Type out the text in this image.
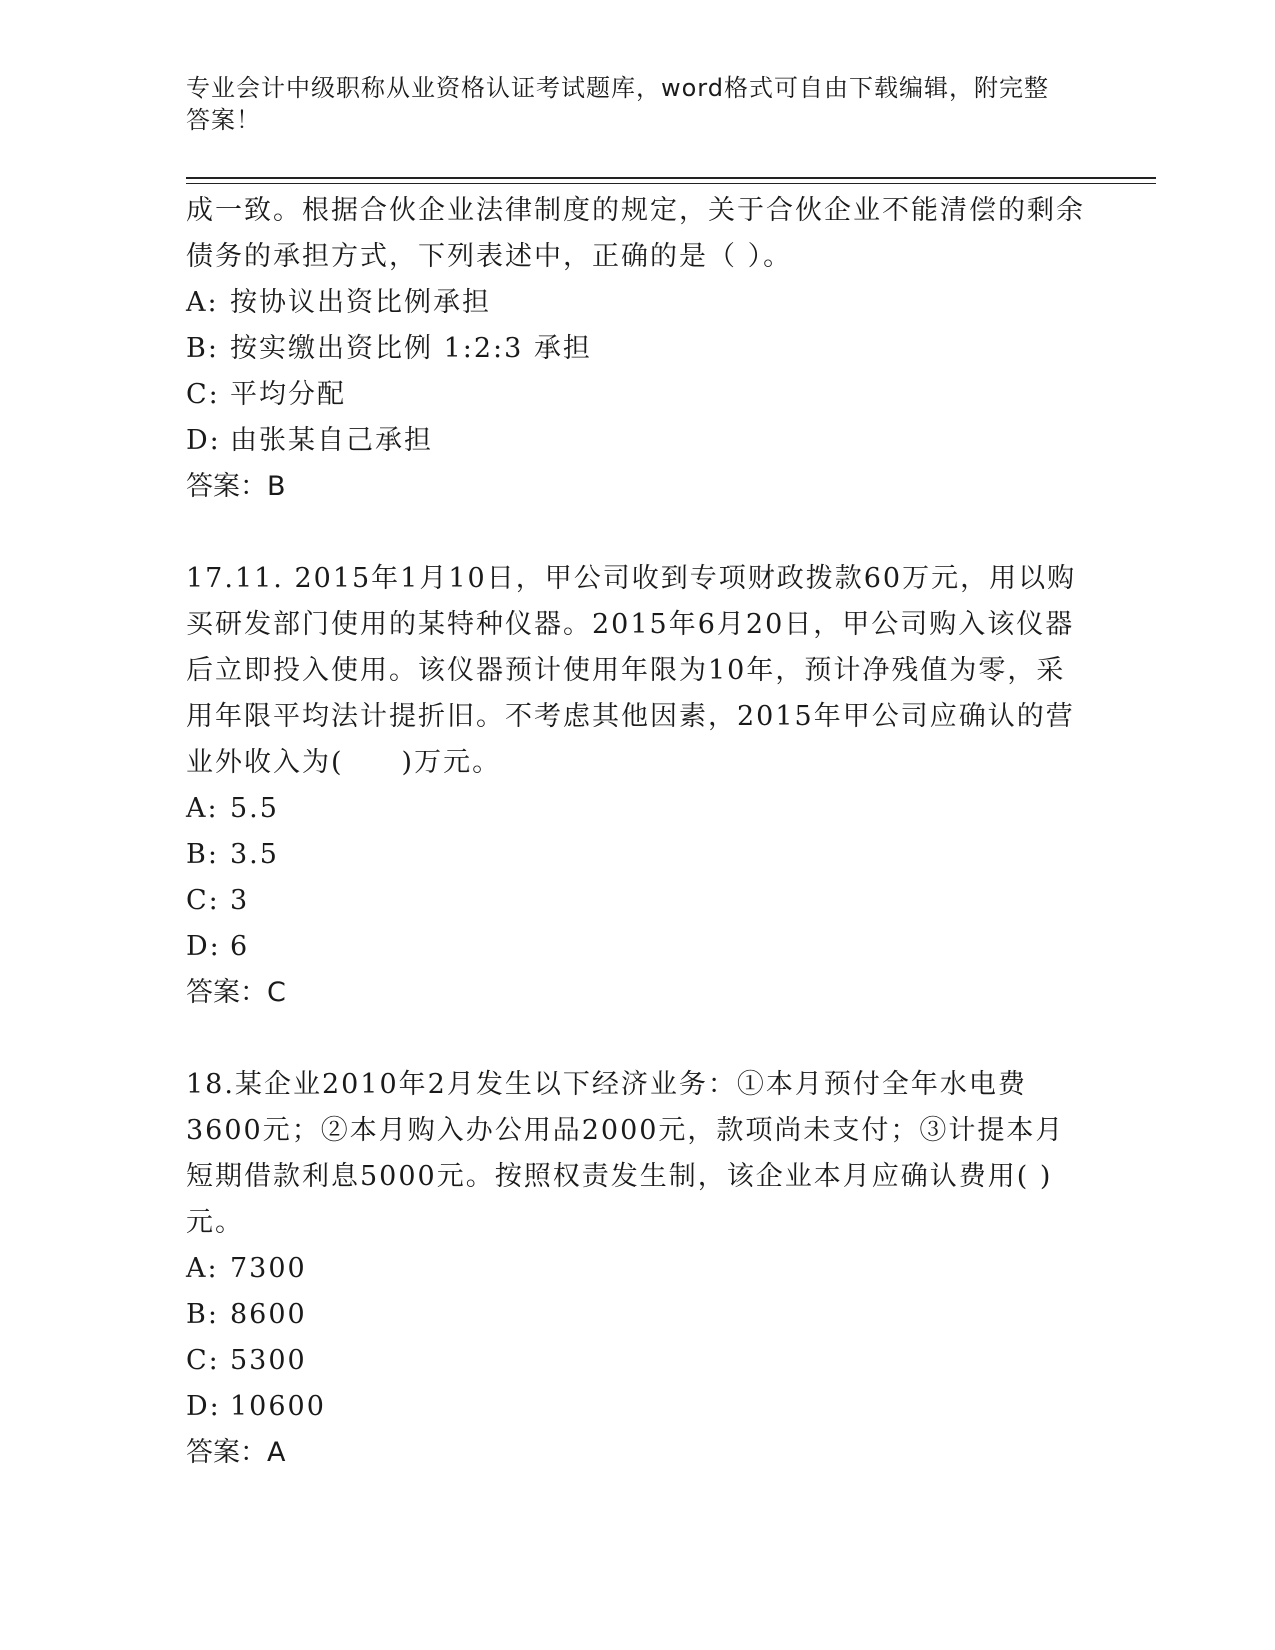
专业会计中级职称从业资格认证考试题库，word格式可自由下载编辑，附完整答案！

成一致。根据合伙企业法律制度的规定，关于合伙企业不能清偿的剩余债务的承担方式，下列表述中，正确的是（ ）。

A: 按协议出资比例承担

B: 按实缴出资比例 1:2:3 承担

C: 平均分配

D: 由张某自己承担

答案：B

17.11. 2015年1月10日，甲公司收到专项财政拨款60万元，用以购买研发部门使用的某特种仪器。2015年6月20日，甲公司购入该仪器后立即投入使用。该仪器预计使用年限为10年，预计净残值为零，采用年限平均法计提折旧。不考虑其他因素，2015年甲公司应确认的营业外收入为(　　)万元。

A: 5.5

B: 3.5

C: 3

D: 6

答案：C

18.某企业2010年2月发生以下经济业务：①本月预付全年水电费3600元；②本月购入办公用品2000元，款项尚未支付；③计提本月短期借款利息5000元。按照权责发生制，该企业本月应确认费用( )元。

A: 7300

B: 8600

C: 5300

D: 10600

答案：A
